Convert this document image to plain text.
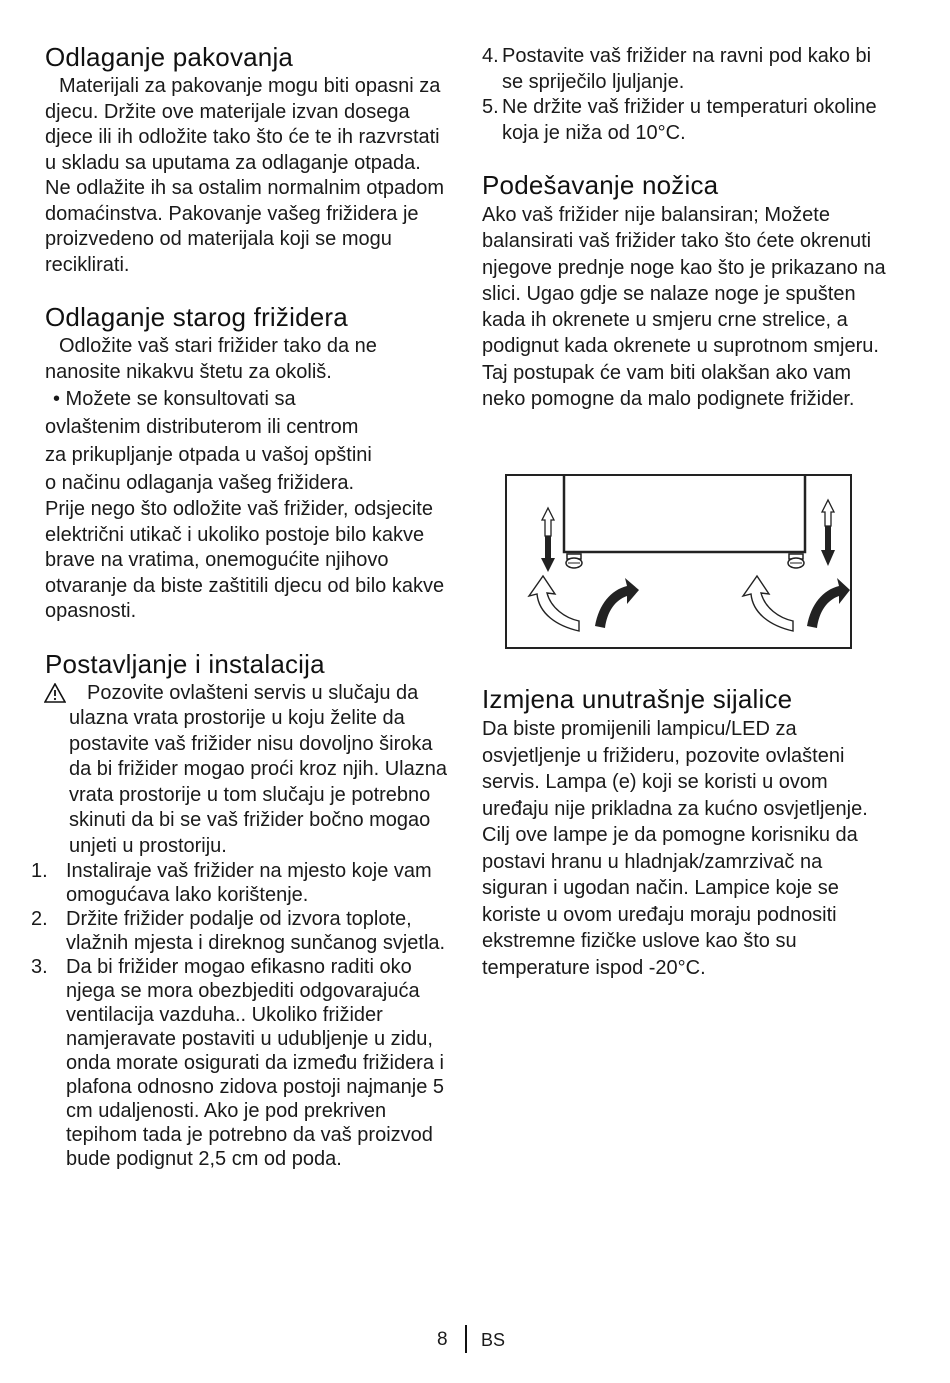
Odlaganje pakovanja

Materijali za pakovanje mogu biti opasni za djecu. Držite ove materijale izvan dosega djece ili ih odložite tako što će te ih razvrstati u skladu sa uputama za odlaganje otpada. Ne odlažite ih sa ostalim normalnim otpadom domaćinstva. Pakovanje vašeg frižidera je proizvedeno od materijala koji se mogu reciklirati.

Odlaganje starog frižidera

Odložite vaš stari frižider tako da ne nanosite nikakvu štetu za okoliš.

• Možete se konsultovati sa

ovlaštenim distributerom ili centrom

za prikupljanje otpada u vašoj opštini

o načinu odlaganja vašeg frižidera.

Prije nego što odložite vaš frižider, odsjecite električni utikač i ukoliko postoje bilo kakve brave na vratima, onemogućite njihovo otvaranje da biste zaštitili djecu od bilo kakve opasnosti.

Postavljanje i instalacija

Pozovite ovlašteni servis u slučaju da ulazna vrata prostorije u koju želite da postavite vaš frižider nisu dovoljno široka da bi frižider mogao proći kroz njih. Ulazna vrata prostorije u tom slučaju je potrebno skinuti da bi se vaš frižider bočno mogao unjeti u prostoriju.

1. Instaliraje vaš frižider na mjesto koje vam omogućava lako korištenje.
2. Držite frižider podalje od izvora toplote, vlažnih mjesta i direknog sunčanog svjetla.
3. Da bi frižider mogao efikasno raditi oko njega se mora obezbjediti odgovarajuća ventilacija vazduha.. Ukoliko frižider namjeravate postaviti u udubljenje u zidu, onda morate osigurati da između frižidera i plafona odnosno zidova postoji najmanje 5 cm udaljenosti. Ako je pod prekriven tepihom tada je potrebno da vaš proizvod bude podignut 2,5 cm od poda.
4. Postavite vaš frižider na ravni pod kako bi se spriječilo ljuljanje.
5. Ne držite vaš frižider u temperaturi okoline koja je niža od 10°C.
Podešavanje nožica

Ako vaš frižider nije balansiran; Možete balansirati vaš frižider tako što ćete okrenuti njegove prednje noge kao što je prikazano na slici. Ugao gdje se nalaze noge je spušten kada ih okrenete u smjeru crne strelice, a podignut kada okrenete u suprotnom smjeru. Taj postupak će vam biti olakšan ako vam neko pomogne da malo podignete frižider.

Izmjena unutrašnje sijalice

Da biste promijenili lampicu/LED za osvjetljenje u frižideru, pozovite ovlašteni servis. Lampa (e) koji se koristi u ovom uređaju nije prikladna za kućno osvjetljenje. Cilj ove lampe je da pomogne korisniku da postavi hranu u hladnjak/zamrzivač na siguran i ugodan način. Lampice koje se koriste u ovom uređaju moraju podnositi ekstremne fizičke uslove kao što su temperature ispod -20°C.

8 BS
